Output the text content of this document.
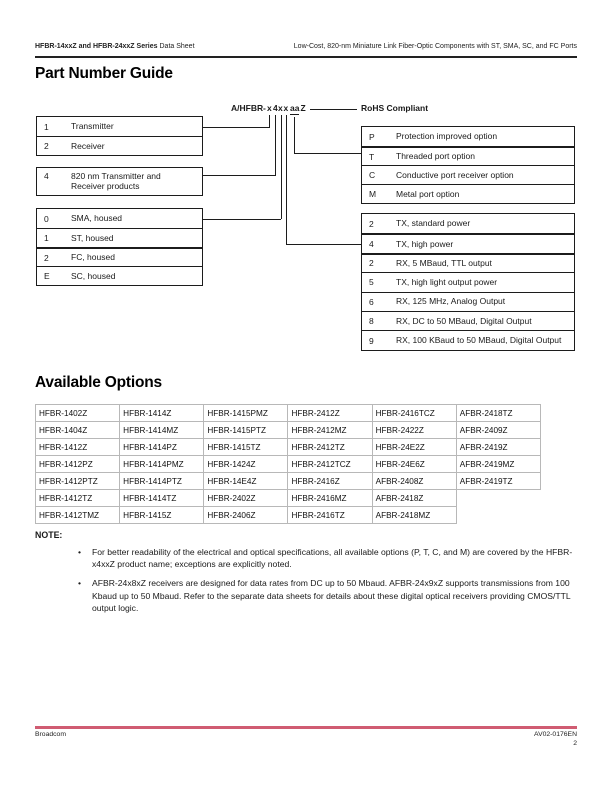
HFBR-14xxZ and HFBR-24xxZ Series Data Sheet	Low-Cost, 820-nm Miniature Link Fiber-Optic Components with ST, SMA, SC, and FC Ports
Part Number Guide
A/HFBR - x 4 x x aa Z	RoHS Compliant
1	Transmitter
2	Receiver
4	820 nm Transmitter and Receiver products
0	SMA, housed
1	ST, housed
2	FC, housed
E	SC, housed
P	Protection improved option
T	Threaded port option
C	Conductive port receiver option
M	Metal port option
2	TX, standard power
4	TX, high power
2	RX, 5 MBaud, TTL output
5	TX, high light output power
6	RX, 125 MHz, Analog Output
8	RX, DC to 50 MBaud, Digital Output
9	RX, 100 KBaud to 50 MBaud, Digital Output
Available Options
HFBR-1402Z	HFBR-1414Z	HFBR-1415PMZ	HFBR-2412Z	HFBR-2416TCZ	AFBR-2418TZ
HFBR-1404Z	HFBR-1414MZ	HFBR-1415PTZ	HFBR-2412MZ	HFBR-2422Z	AFBR-2409Z
HFBR-1412Z	HFBR-1414PZ	HFBR-1415TZ	HFBR-2412TZ	HFBR-24E2Z	AFBR-2419Z
HFBR-1412PZ	HFBR-1414PMZ	HFBR-1424Z	HFBR-2412TCZ	HFBR-24E6Z	AFBR-2419MZ
HFBR-1412PTZ	HFBR-1414PTZ	HFBR-14E4Z	HFBR-2416Z	AFBR-2408Z	AFBR-2419TZ
HFBR-1412TZ	HFBR-1414TZ	HFBR-2402Z	HFBR-2416MZ	AFBR-2418Z	
HFBR-1412TMZ	HFBR-1415Z	HFBR-2406Z	HFBR-2416TZ	AFBR-2418MZ	
NOTE:
•	For better readability of the electrical and optical specifications, all available options (P, T, C, and M) are covered by the HFBR-x4xxZ product name; exceptions are explicitly noted.
•	AFBR-24x8xZ receivers are designed for data rates from DC up to 50 Mbaud. AFBR-24x9xZ supports transmissions from 100 Kbaud up to 50 Mbaud. Refer to the separate data sheets for details about these digital optical receivers providing CMOS/TTL output logic.
Broadcom	AV02-0176EN
2
